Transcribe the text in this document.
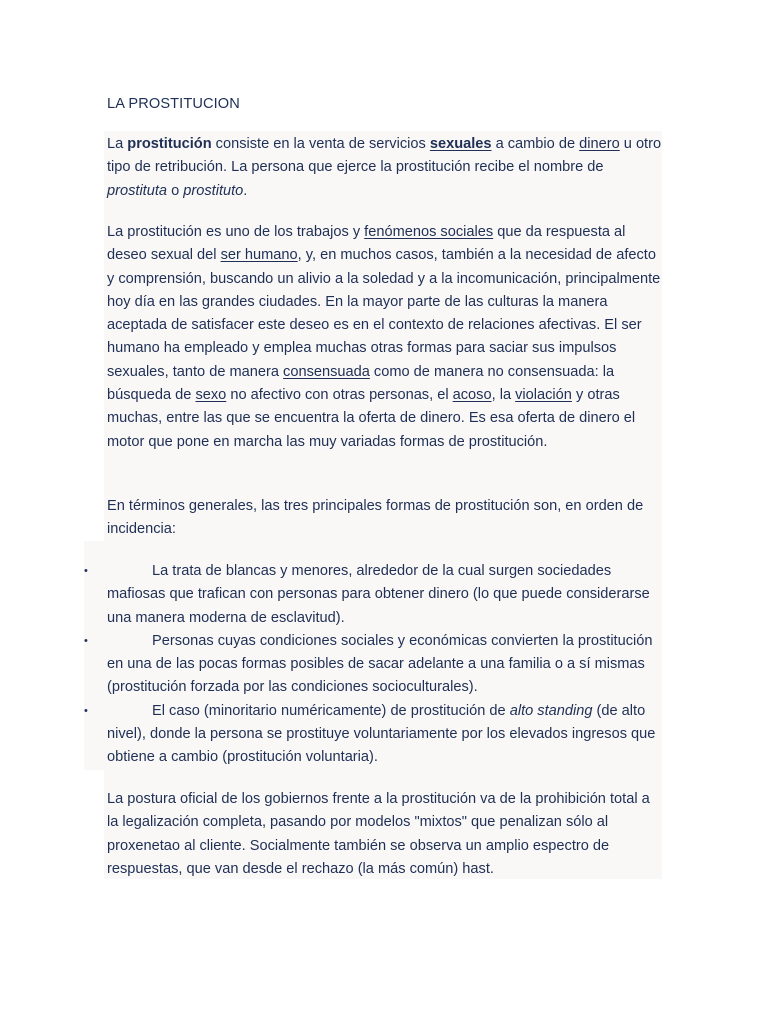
LA PROSTITUCION

La prostitución consiste en la venta de servicios sexuales a cambio de dinero u otro tipo de retribución. La persona que ejerce la prostitución recibe el nombre de prostituta o prostituto.

La prostitución es uno de los trabajos y fenómenos sociales que da respuesta al deseo sexual del ser humano, y, en muchos casos, también a la necesidad de afecto y comprensión, buscando un alivio a la soledad y a la incomunicación, principalmente hoy día en las grandes ciudades. En la mayor parte de las culturas la manera aceptada de satisfacer este deseo es en el contexto de relaciones afectivas. El ser humano ha empleado y emplea muchas otras formas para saciar sus impulsos sexuales, tanto de manera consensuada como de manera no consensuada: la búsqueda de sexo no afectivo con otras personas, el acoso, la violación y otras muchas, entre las que se encuentra la oferta de dinero. Es esa oferta de dinero el motor que pone en marcha las muy variadas formas de prostitución.

En términos generales, las tres principales formas de prostitución son, en orden de incidencia:

•	La trata de blancas y menores, alrededor de la cual surgen sociedades mafiosas que trafican con personas para obtener dinero (lo que puede considerarse una manera moderna de esclavitud).
•	Personas cuyas condiciones sociales y económicas convierten la prostitución en una de las pocas formas posibles de sacar adelante a una familia o a sí mismas (prostitución forzada por las condiciones socioculturales).
•	El caso (minoritario numéricamente) de prostitución de alto standing (de alto nivel), donde la persona se prostituye voluntariamente por los elevados ingresos que obtiene a cambio (prostitución voluntaria).

La postura oficial de los gobiernos frente a la prostitución va de la prohibición total a la legalización completa, pasando por modelos "mixtos" que penalizan sólo al proxenetao al cliente. Socialmente también se observa un amplio espectro de respuestas, que van desde el rechazo (la más común) hast.
